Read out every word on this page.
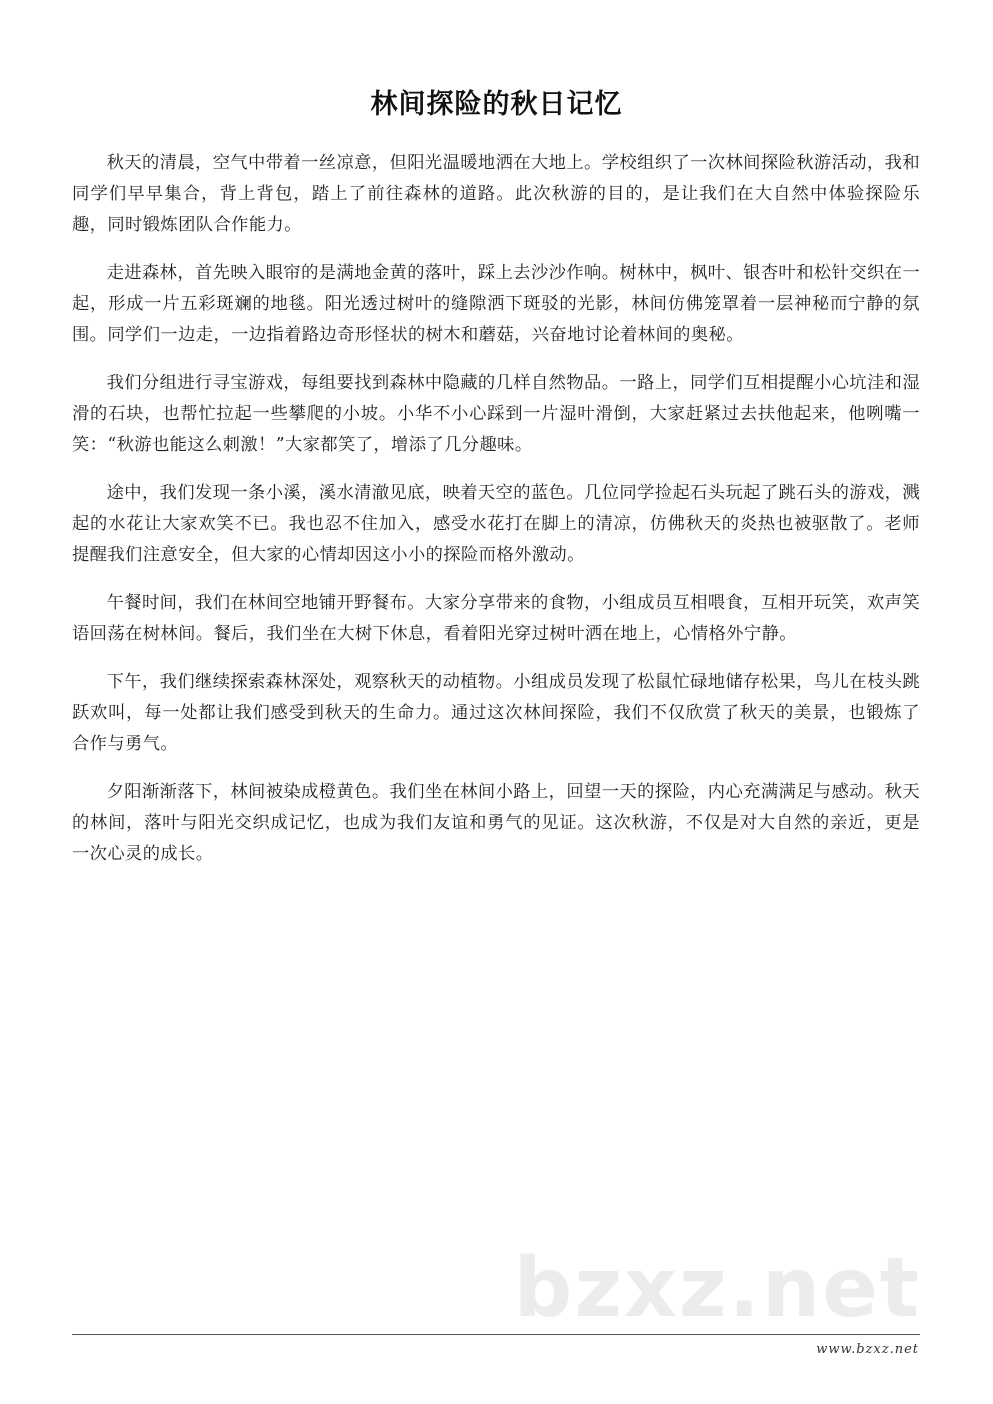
林间探险的秋日记忆

秋天的清晨，空气中带着一丝凉意，但阳光温暖地洒在大地上。学校组织了一次林间探险秋游活动，我和同学们早早集合，背上背包，踏上了前往森林的道路。此次秋游的目的，是让我们在大自然中体验探险乐趣，同时锻炼团队合作能力。

走进森林，首先映入眼帘的是满地金黄的落叶，踩上去沙沙作响。树林中，枫叶、银杏叶和松针交织在一起，形成一片五彩斑斓的地毯。阳光透过树叶的缝隙洒下斑驳的光影，林间仿佛笼罩着一层神秘而宁静的氛围。同学们一边走，一边指着路边奇形怪状的树木和蘑菇，兴奋地讨论着林间的奥秘。

我们分组进行寻宝游戏，每组要找到森林中隐藏的几样自然物品。一路上，同学们互相提醒小心坑洼和湿滑的石块，也帮忙拉起一些攀爬的小坡。小华不小心踩到一片湿叶滑倒，大家赶紧过去扶他起来，他咧嘴一笑：“秋游也能这么刺激！”大家都笑了，增添了几分趣味。

途中，我们发现一条小溪，溪水清澈见底，映着天空的蓝色。几位同学捡起石头玩起了跳石头的游戏，溅起的水花让大家欢笑不已。我也忍不住加入，感受水花打在脚上的清凉，仿佛秋天的炎热也被驱散了。老师提醒我们注意安全，但大家的心情却因这小小的探险而格外激动。

午餐时间，我们在林间空地铺开野餐布。大家分享带来的食物，小组成员互相喂食，互相开玩笑，欢声笑语回荡在树林间。餐后，我们坐在大树下休息，看着阳光穿过树叶洒在地上，心情格外宁静。

下午，我们继续探索森林深处，观察秋天的动植物。小组成员发现了松鼠忙碌地储存松果，鸟儿在枝头跳跃欢叫，每一处都让我们感受到秋天的生命力。通过这次林间探险，我们不仅欣赏了秋天的美景，也锻炼了合作与勇气。

夕阳渐渐落下，林间被染成橙黄色。我们坐在林间小路上，回望一天的探险，内心充满满足与感动。秋天的林间，落叶与阳光交织成记忆，也成为我们友谊和勇气的见证。这次秋游，不仅是对大自然的亲近，更是一次心灵的成长。

bzxz.net
www.bzxz.net
